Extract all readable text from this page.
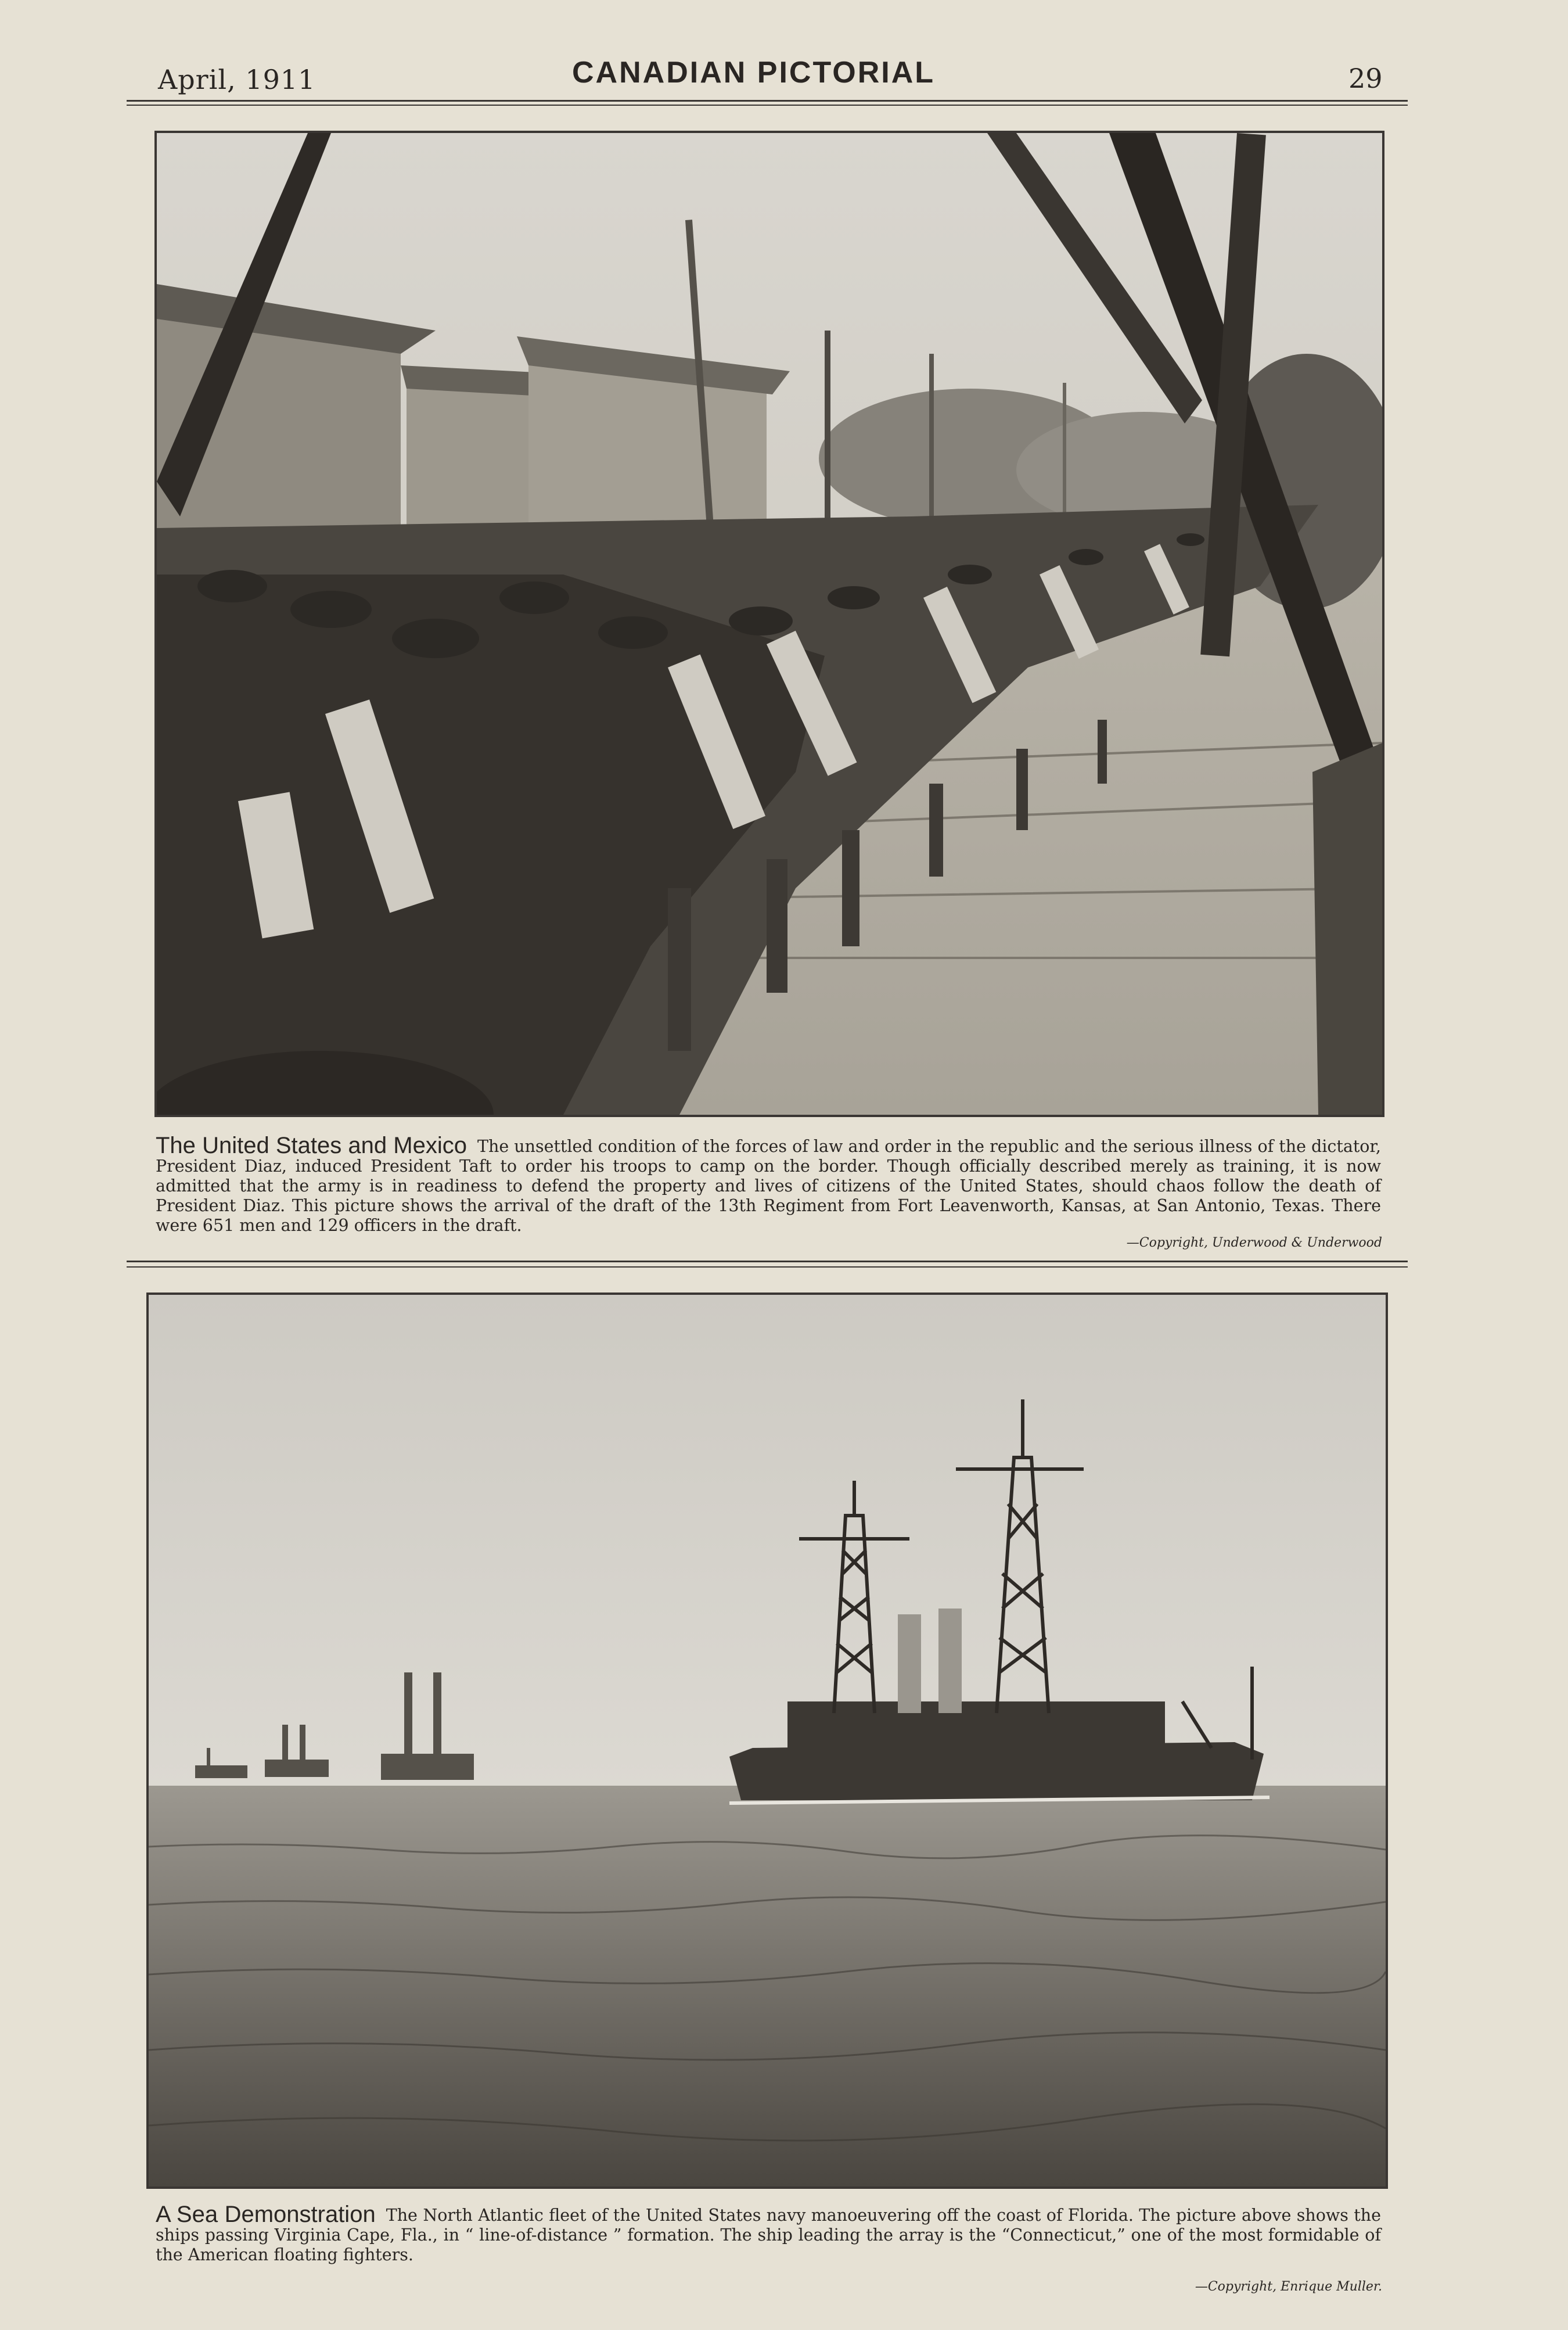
April, 1911	CANADIAN PICTORIAL	29
The United States and Mexico The unsettled condition of the forces of law and order in the republic and the serious illness of the dictator, President Diaz, induced President Taft to order his troops to camp on the border. Though officially described merely as training, it is now admitted that the army is in readiness to defend the property and lives of citizens of the United States, should chaos follow the death of President Diaz. This picture shows the arrival of the draft of the 13th Regiment from Fort Leavenworth, Kansas, at San Antonio, Texas. There were 651 men and 129 officers in the draft.
—Copyright, Underwood & Underwood
A Sea Demonstration The North Atlantic fleet of the United States navy manoeuvering off the coast of Florida. The picture above shows the ships passing Virginia Cape, Fla., in “ line-of-distance ” formation. The ship leading the array is the “Connecticut,” one of the most formidable of the American floating fighters.
—Copyright, Enrique Muller.
